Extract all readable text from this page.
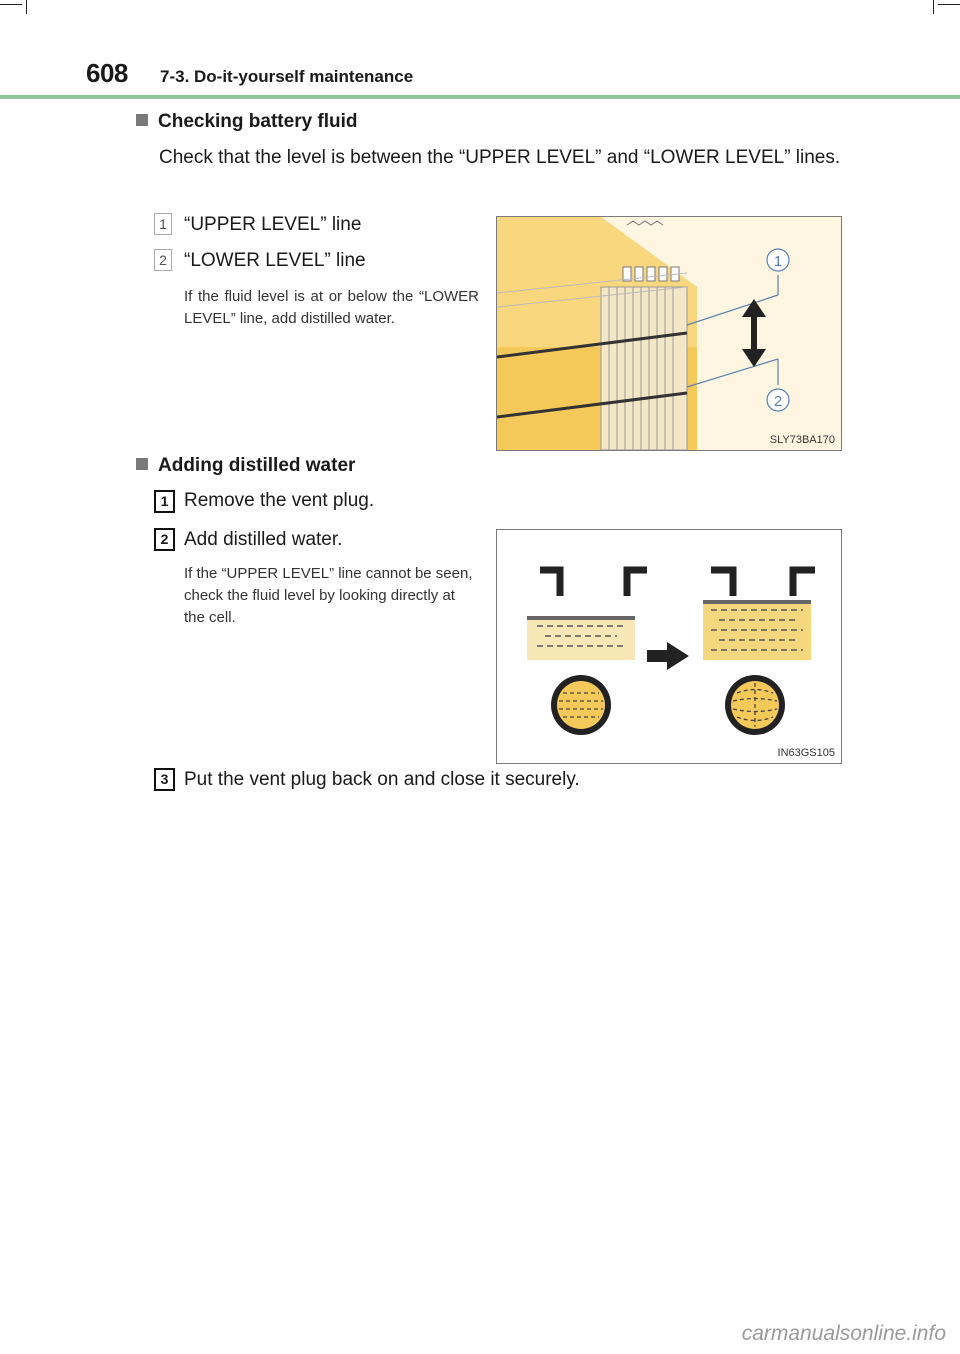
608 7-3. Do-it-yourself maintenance
Checking battery fluid
Check that the level is between the “UPPER LEVEL” and “LOWER LEVEL” lines.
1 “UPPER LEVEL” line
2 “LOWER LEVEL” line
If the fluid level is at or below the “LOWER LEVEL” line, add distilled water.
1
2
SLY73BA170
Adding distilled water
1 Remove the vent plug.
2 Add distilled water.
If the “UPPER LEVEL” line cannot be seen, check the fluid level by looking directly at the cell.
IN63GS105
3 Put the vent plug back on and close it securely.
carmanualsonline.info
